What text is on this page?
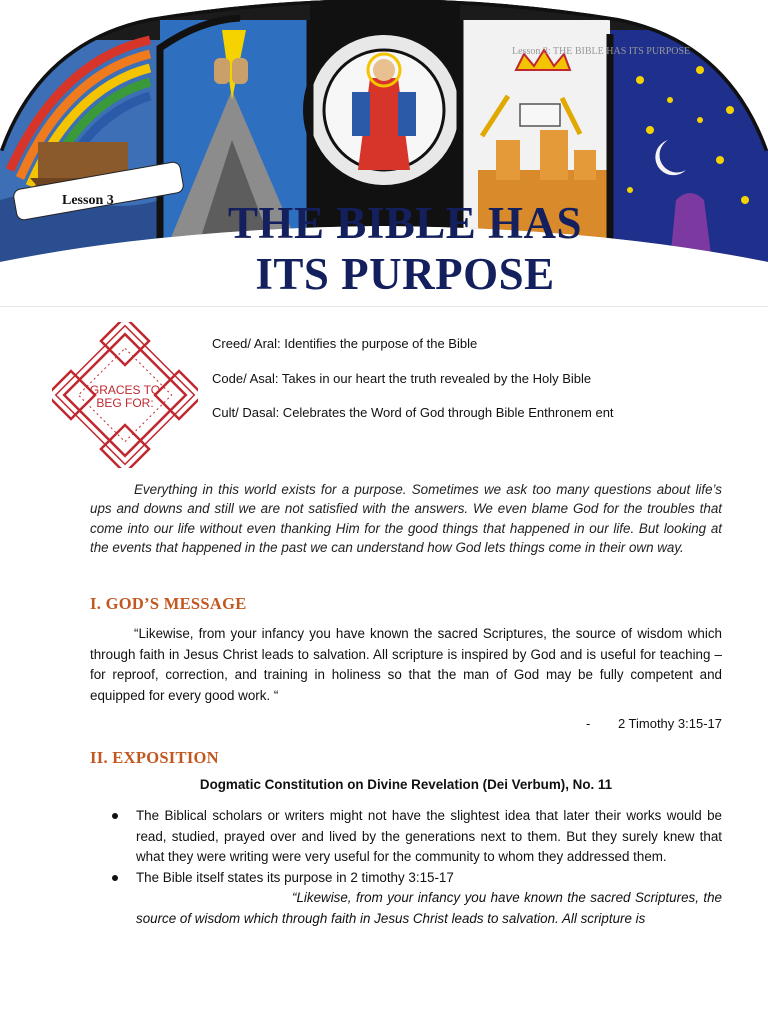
Lesson 3: THE BIBLE HAS ITS PURPOSE
Lesson 3	THE BIBLE HAS
ITS PURPOSE
GRACES TO
BEG FOR:
Creed/ Aral: Identifies the purpose of the Bible
Code/ Asal: Takes in our heart the truth revealed by the Holy Bible
Cult/ Dasal: Celebrates the Word of God through Bible Enthronem ent

Everything in this world exists for a purpose. Sometimes we ask too many questions about life’s ups and downs and still we are not satisfied with the answers. We even blame God for the troubles that come into our life without even thanking Him for the good things that happened in our life. But looking at the events that happened in the past we can understand how God lets things come in their own way.

I. GOD’S MESSAGE

“Likewise, from your infancy you have known the sacred Scriptures, the source of wisdom which through faith in Jesus Christ leads to salvation. All scripture is inspired by God and is useful for teaching – for reproof, correction, and training in holiness so that the man of God may be fully competent and equipped for every good work. “

- 2 Timothy 3:15-17
II. EXPOSITION
Dogmatic Constitution on Divine Revelation (Dei Verbum), No. 11
The Biblical scholars or writers might not have the slightest idea that later their works would be read, studied, prayed over and lived by the generations next to them. But they surely knew that what they were writing were very useful for the community to whom they addressed them.
The Bible itself states its purpose in 2 timothy 3:15-17
“Likewise, from your infancy you have known the sacred Scriptures, the source of wisdom which through faith in Jesus Christ leads to salvation. All scripture is
